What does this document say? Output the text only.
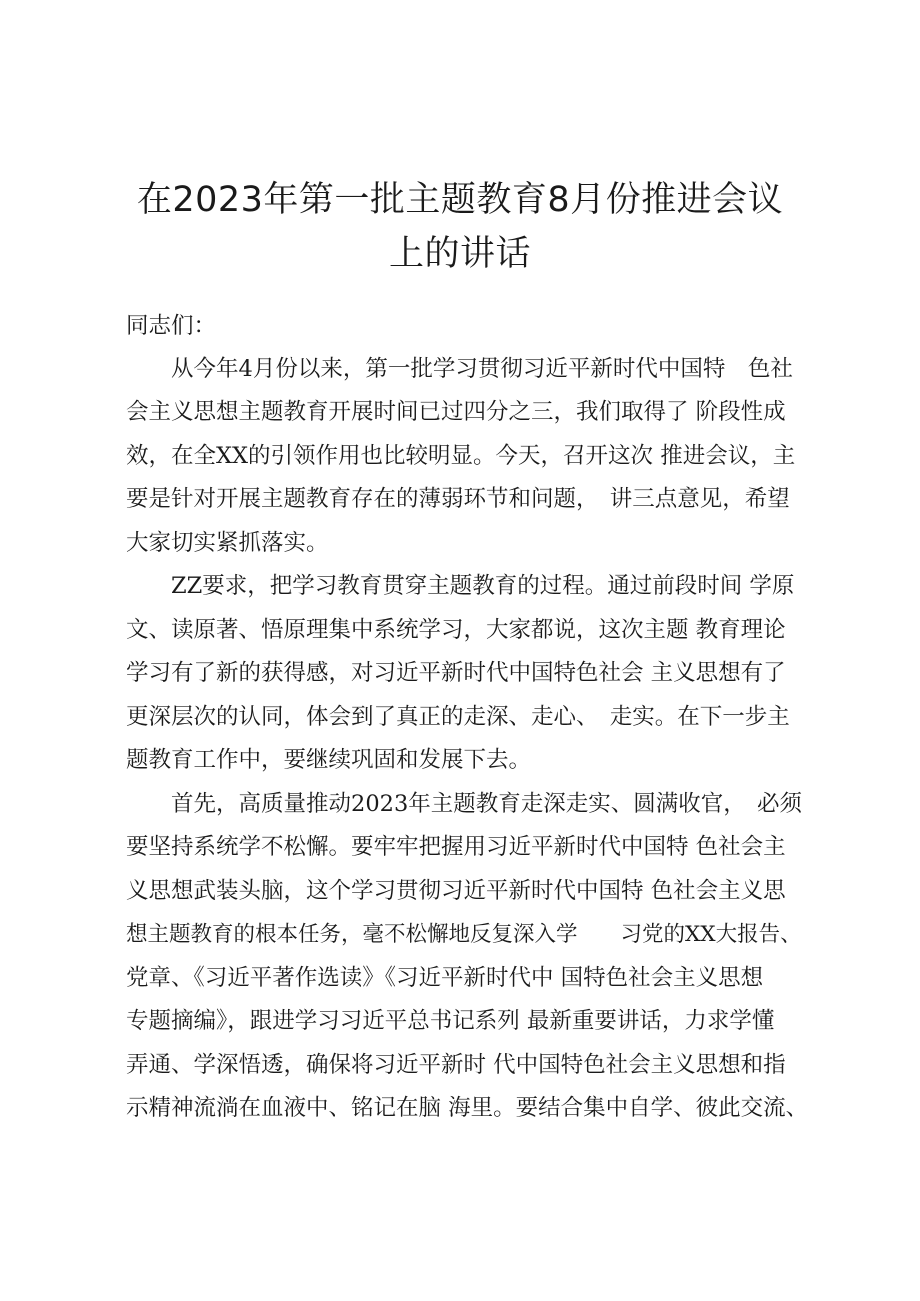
在2023年第一批主题教育8月份推进会议
上的讲话

同志们：

　　从今年4月份以来，第一批学习贯彻习近平新时代中国特　色社

会主义思想主题教育开展时间已过四分之三，我们取得了 阶段性成

效，在全XX的引领作用也比较明显。今天，召开这次 推进会议，主

要是针对开展主题教育存在的薄弱环节和问题，　讲三点意见，希望

大家切实紧抓落实。

　　ZZ要求，把学习教育贯穿主题教育的过程。通过前段时间 学原

文、读原著、悟原理集中系统学习，大家都说，这次主题 教育理论

学习有了新的获得感，对习近平新时代中国特色社会 主义思想有了

更深层次的认同，体会到了真正的走深、走心、　走实。在下一步主

题教育工作中，要继续巩固和发展下去。

　　首先，高质量推动2023年主题教育走深走实、圆满收官，　必须

要坚持系统学不松懈。要牢牢把握用习近平新时代中国特 色社会主

义思想武装头脑，这个学习贯彻习近平新时代中国特 色社会主义思

想主题教育的根本任务，毫不松懈地反复深入学　　习党的XX大报告、

党章、《习近平著作选读》《习近平新时代中 国特色社会主义思想

专题摘编》，跟进学习习近平总书记系列 最新重要讲话，力求学懂

弄通、学深悟透，确保将习近平新时 代中国特色社会主义思想和指

示精神流淌在血液中、铭记在脑 海里。要结合集中自学、彼此交流、
